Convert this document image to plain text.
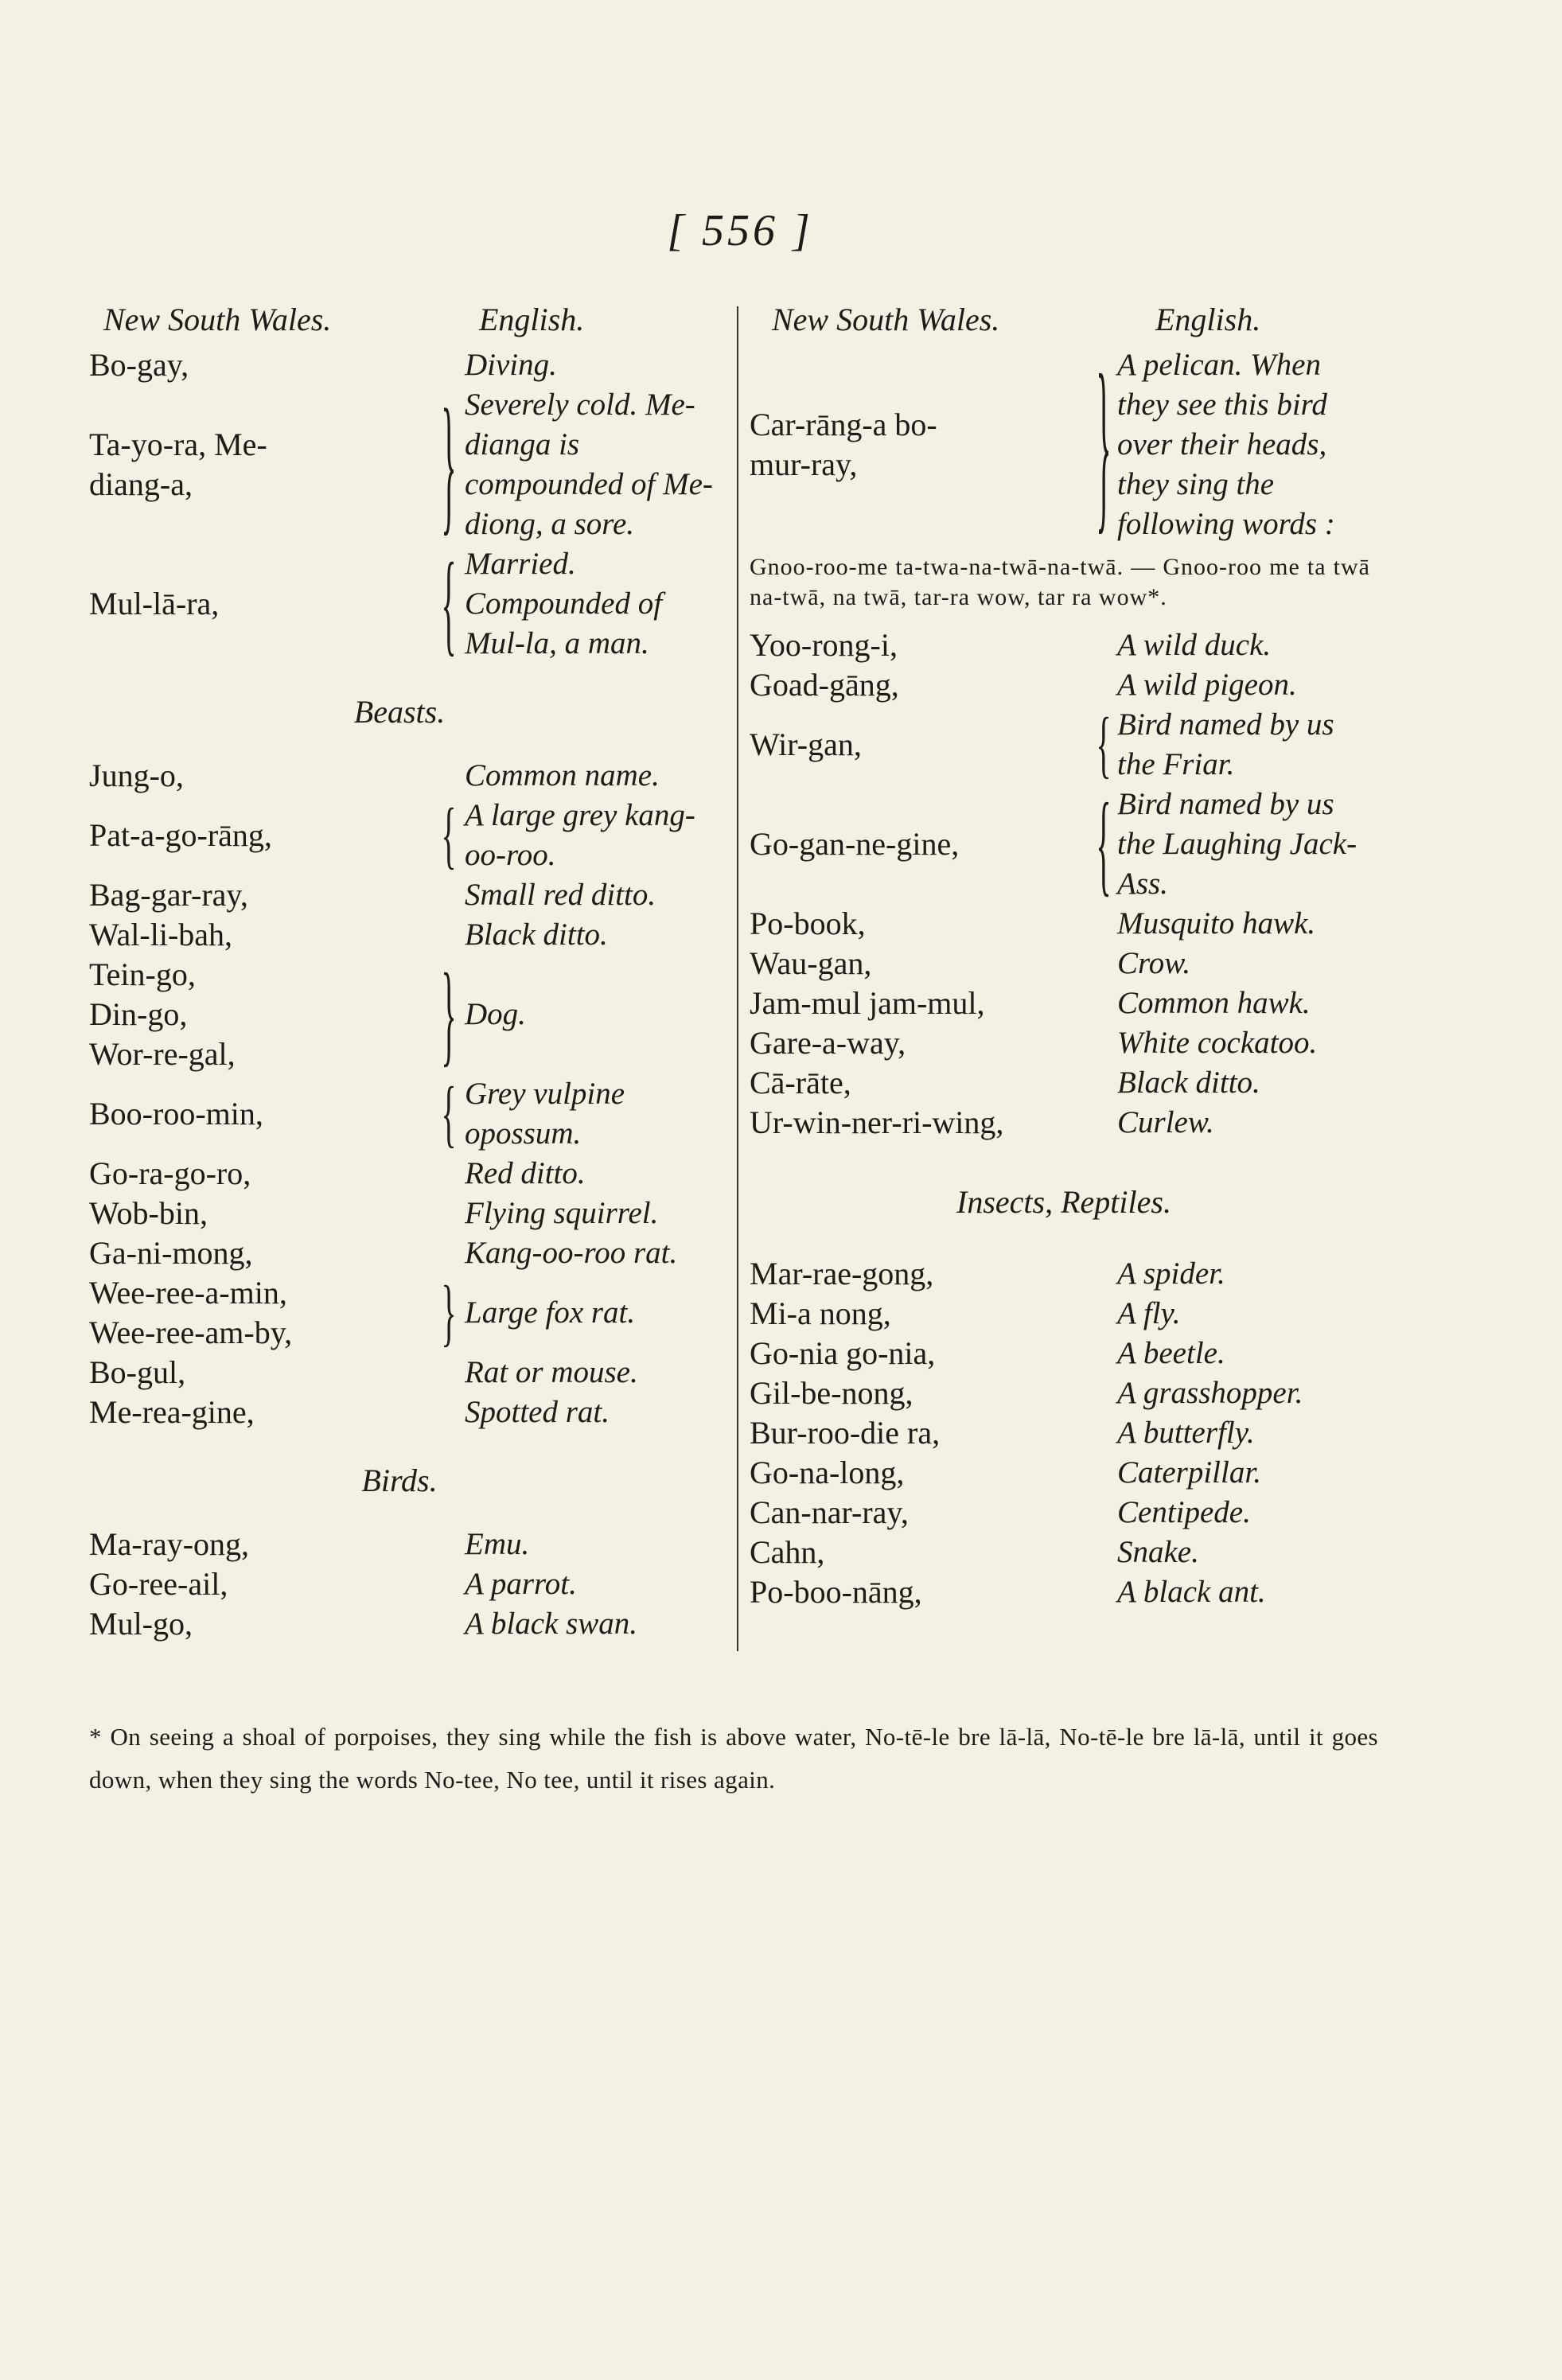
[ 556 ]
New South Wales.	English.
Bo-gay,	Diving.
Ta-yo-ra, Me-
diang-a,	} Severely cold. Me-dianga is compounded of Me-diong, a sore.
Mul-lā-ra,	{ Married. Compounded of Mul-la, a man.
Beasts.
Jung-o,	Common name.
Pat-a-go-rāng,	{ A large grey kang-oo-roo.
Bag-gar-ray,	Small red ditto.
Wal-li-bah,	Black ditto.
Tein-go,
Din-go,
Wor-re-gal,	} Dog.
Boo-roo-min,	{ Grey vulpine opossum.
Go-ra-go-ro,	Red ditto.
Wob-bin,	Flying squirrel.
Ga-ni-mong,	Kang-oo-roo rat.
Wee-ree-a-min,
Wee-ree-am-by,	} Large fox rat.
Bo-gul,	Rat or mouse.
Me-rea-gine,	Spotted rat.
Birds.
Ma-ray-ong,	Emu.
Go-ree-ail,	A parrot.
Mul-go,	A black swan.
New South Wales.	English.
Car-rāng-a bo-
mur-ray,	} A pelican. When they see this bird over their heads, they sing the following words :
Gnoo-roo-me ta-twa-na-twā-na-twā. — Gnoo-roo me ta twā na-twā, na twā, tar-ra wow, tar ra wow*.
Yoo-rong-i,	A wild duck.
Goad-gāng,	A wild pigeon.
Wir-gan,	{ Bird named by us the Friar.
Go-gan-ne-gine,	{ Bird named by us the Laughing Jack-Ass.
Po-book,	Musquito hawk.
Wau-gan,	Crow.
Jam-mul jam-mul,	Common hawk.
Gare-a-way,	White cockatoo.
Cā-rāte,	Black ditto.
Ur-win-ner-ri-wing,	Curlew.
Insects, Reptiles.
Mar-rae-gong,	A spider.
Mi-a nong,	A fly.
Go-nia go-nia,	A beetle.
Gil-be-nong,	A grasshopper.
Bur-roo-die ra,	A butterfly.
Go-na-long,	Caterpillar.
Can-nar-ray,	Centipede.
Cahn,	Snake.
Po-boo-nāng,	A black ant.
* On seeing a shoal of porpoises, they sing while the fish is above water, No-tē-le bre lā-lā, No-tē-le bre lā-lā, until it goes down, when they sing the words No-tee, No tee, until it rises again.
